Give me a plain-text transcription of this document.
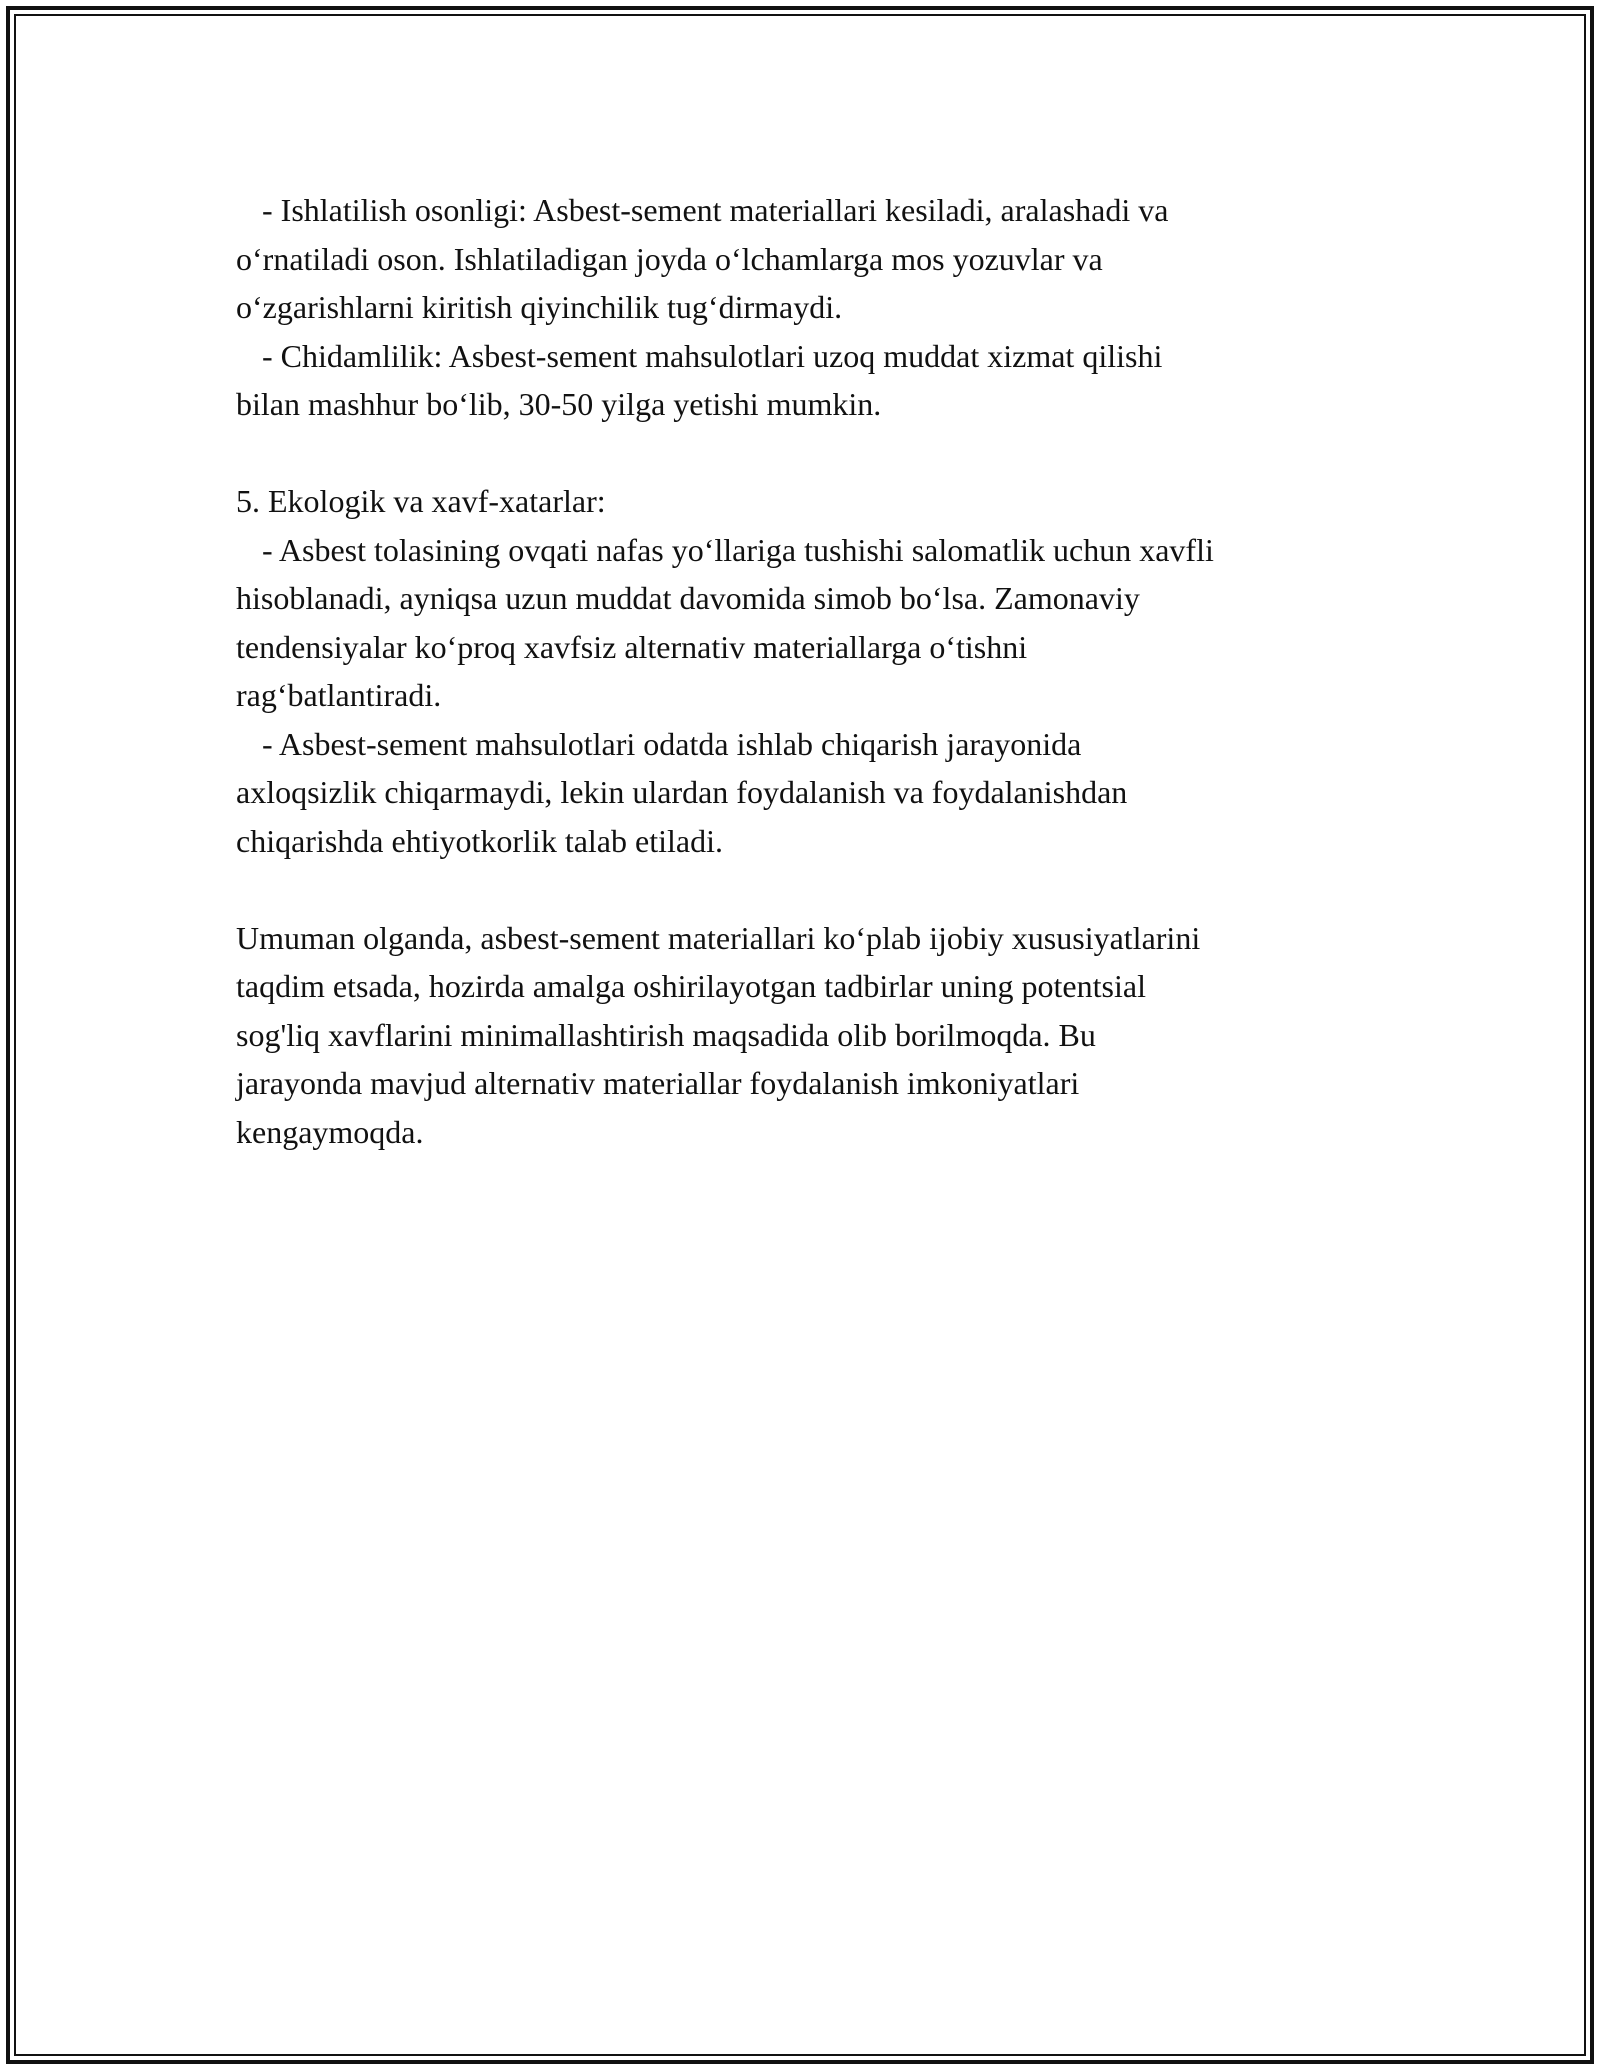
- Ishlatilish osonligi: Asbest-sement materiallari kesiladi, aralashadi va
o‘rnatiladi oson. Ishlatiladigan joyda o‘lchamlarga mos yozuvlar va
o‘zgarishlarni kiritish qiyinchilik tug‘dirmaydi.
- Chidamlilik: Asbest-sement mahsulotlari uzoq muddat xizmat qilishi
bilan mashhur bo‘lib, 30-50 yilga yetishi mumkin.
5. Ekologik va xavf-xatarlar:
- Asbest tolasining ovqati nafas yo‘llariga tushishi salomatlik uchun xavfli
hisoblanadi, ayniqsa uzun muddat davomida simob bo‘lsa. Zamonaviy
tendensiyalar ko‘proq xavfsiz alternativ materiallarga o‘tishni
rag‘batlantiradi.
- Asbest-sement mahsulotlari odatda ishlab chiqarish jarayonida
axloqsizlik chiqarmaydi, lekin ulardan foydalanish va foydalanishdan
chiqarishda ehtiyotkorlik talab etiladi.
Umuman olganda, asbest-sement materiallari ko‘plab ijobiy xususiyatlarini
taqdim etsada, hozirda amalga oshirilayotgan tadbirlar uning potentsial
sog'liq xavflarini minimallashtirish maqsadida olib borilmoqda. Bu
jarayonda mavjud alternativ materiallar foydalanish imkoniyatlari
kengaymoqda.
